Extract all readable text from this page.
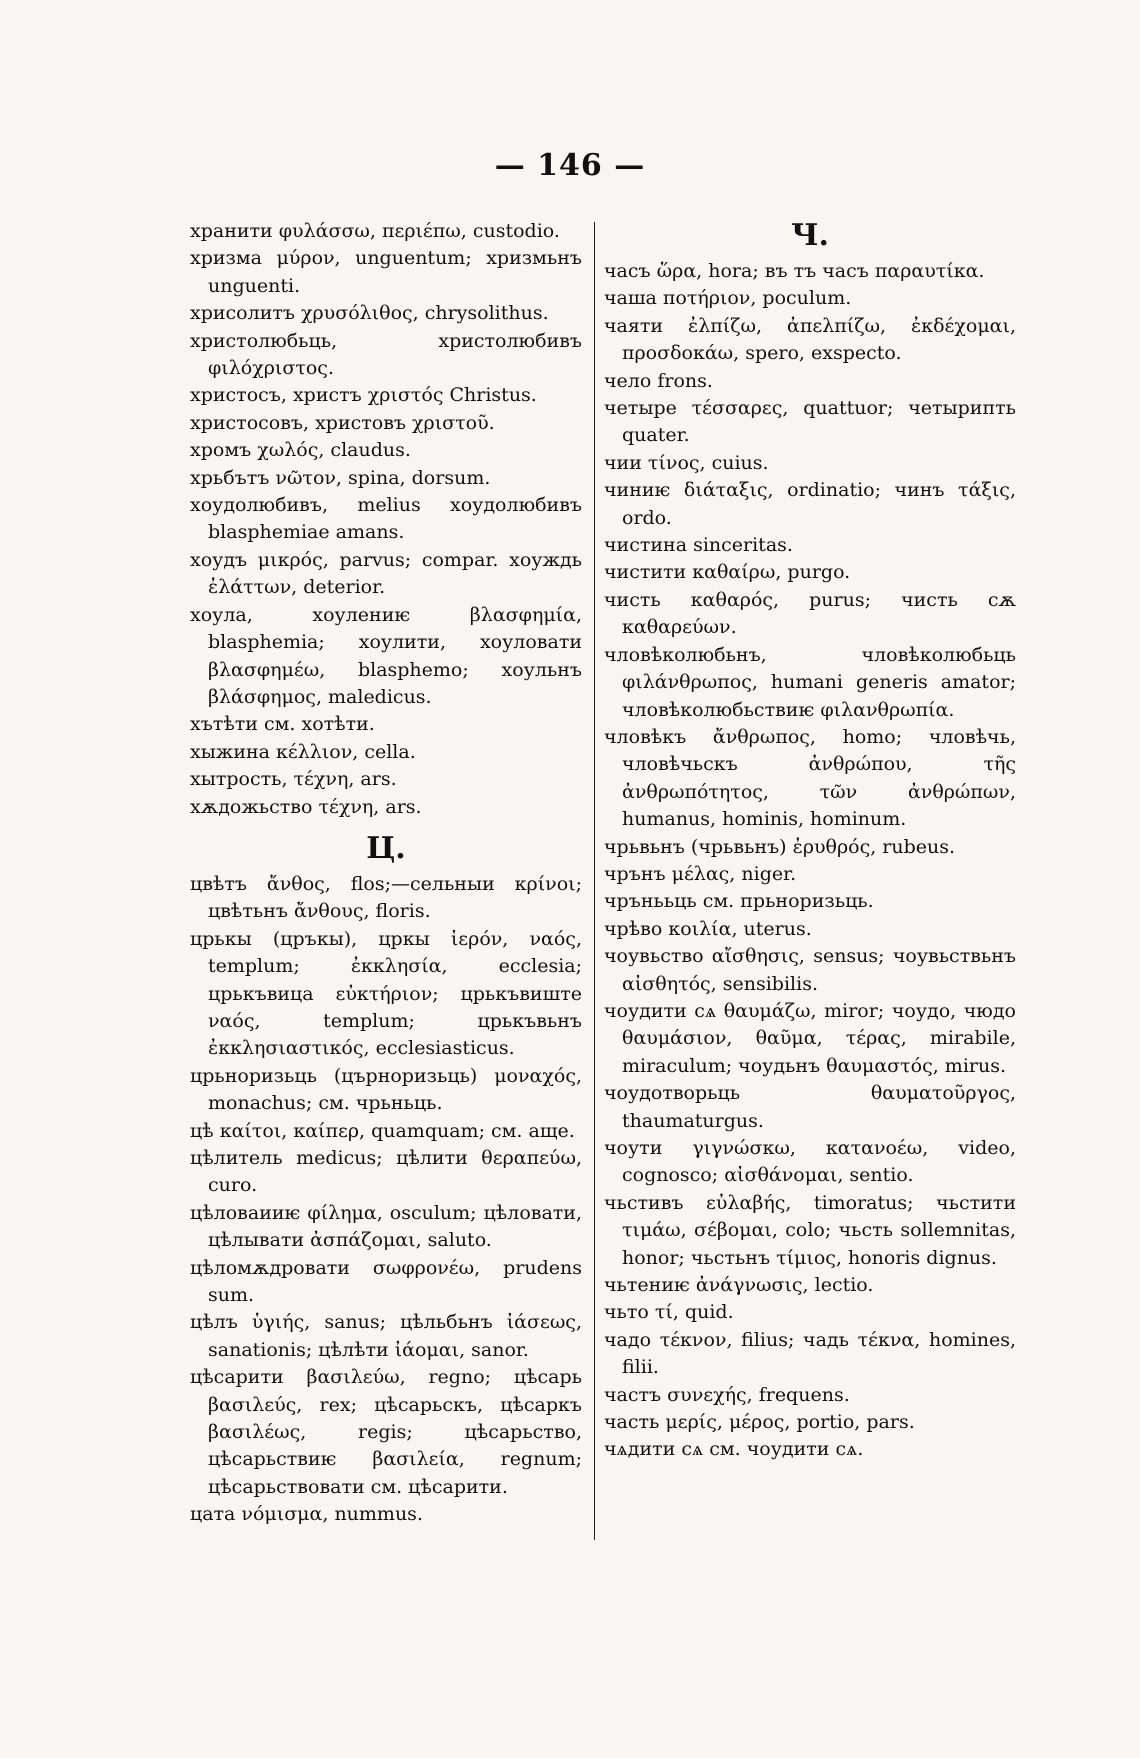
— 146 —

хранити φυλάσσω, περιέπω, custodio.

хризма μύρον, unguentum; хризмьнъ unguenti.

хрисолитъ χρυσόλιθος, chrysolithus.

христолюбьць, христолюбивъ φιλόχριστος.

христосъ, христъ χριστός Christus.

христосовъ, христовъ χριστοῦ.

хромъ χωλός, claudus.

хрьбътъ νῶτον, spina, dorsum.

хоудолюбивъ, melius хоудолюбивъ blasphemiae amans.

хоудъ μικρός, parvus; compar. хоуждь ἐλάττων, deterior.

хоула, хоулениѥ βλασφημία, blasphemia; хоулити, хоуловати βλασφημέω, blasphemo; хоульнъ βλάσφημος, maledicus.

хътѣти см. хотѣти.

хыжина κέλλιον, cella.

хытрость, τέχνη, ars.

хѫдожьство τέχνη, ars.

Ц.

цвѣтъ ἄνθος, flos;—сельныи κρίνοι; цвѣтьнъ ἄνθους, floris.

црькы (цръкы), цркы ἱερόν, ναός, templum; ἐκκλησία, ecclesia; црькъвица εὐκτήριον; црькъвиште ναός, templum; црькъвьнъ ἐκκλησιαστικός, ecclesiasticus.

црьноризьць (църноризьць) μοναχός, monachus; см. чрьньць.

цѣ καίτοι, καίπερ, quamquam; см. аще.

цѣлитель medicus; цѣлити θεραπεύω, curo.

цѣловаииѥ φίλημα, osculum; цѣловати, цѣлывати ἀσπάζομαι, saluto.

цѣломѫдровати σωφρονέω, prudens sum.

цѣлъ ὑγιής, sanus; цѣльбьнъ ἰάσεως, sanationis; цѣлѣти ἰάομαι, sanor.

цѣсарити βασιλεύω, regno; цѣсарь βασιλεύς, rex; цѣсарьскъ, цѣсаркъ βασιλέως, regis; цѣсарьство, цѣсарьствиѥ βασιλεία, regnum; цѣсарьствовати см. цѣсарити.

цата νόμισμα, nummus.

Ч.

часъ ὥρα, hora; въ тъ часъ παραυτίκα.

чаша ποτήριον, poculum.

чаяти ἐλπίζω, ἀπελπίζω, ἐκδέχομαι, προσδοκάω, spero, exspecto.

чело frons.

четыре τέσσαρες, quattuor; четырипть quater.

чии τίνος, cuius.

чиниѥ διάταξις, ordinatio; чинъ τάξις, ordo.

чистина sinceritas.

чистити καθαίρω, purgo.

чисть καθαρός, purus; чисть сѫ καθαρεύων.

чловѣколюбьнъ, чловѣколюбьць φιλάνθρωπος, humani generis amator; чловѣколюбьствиѥ φιλανθρωπία.

чловѣкъ ἄνθρωπος, homo; чловѣчь, чловѣчьскъ ἀνθρώπου, τῆς ἀνθρωπότητος, τῶν ἀνθρώπων, humanus, hominis, hominum.

чрьвьнъ (чрьвьнъ) ἐρυθρός, rubeus.

чрънъ μέλας, niger.

чрънььць см. прьноризьць.

чрѣво κοιλία, uterus.

чоувьство αἴσθησις, sensus; чоувьствьнъ αἰσθητός, sensibilis.

чоудити сѧ θαυμάζω, miror; чоудо, чюдо θαυμάσιον, θαῦμα, τέρας, mirabile, miraculum; чоудьнъ θαυμαστός, mirus.

чоудотворьць θαυματοῦργος, thaumaturgus.

чоути γιγνώσκω, κατανοέω, video, cognosco; αἰσθάνομαι, sentio.

чьстивъ εὐλαβής, timoratus; чьстити τιμάω, σέβομαι, colo; чьсть sollemnitas, honor; чьстьнъ τίμιος, honoris dignus.

чьтениѥ ἀνάγνωσις, lectio.

чьто τί, quid.

чадо τέκνον, filius; чадь τέκνα, homines, filii.

частъ συνεχής, frequens.

часть μερίς, μέρος, portio, pars.

чѧдити сѧ см. чоудити сѧ.
